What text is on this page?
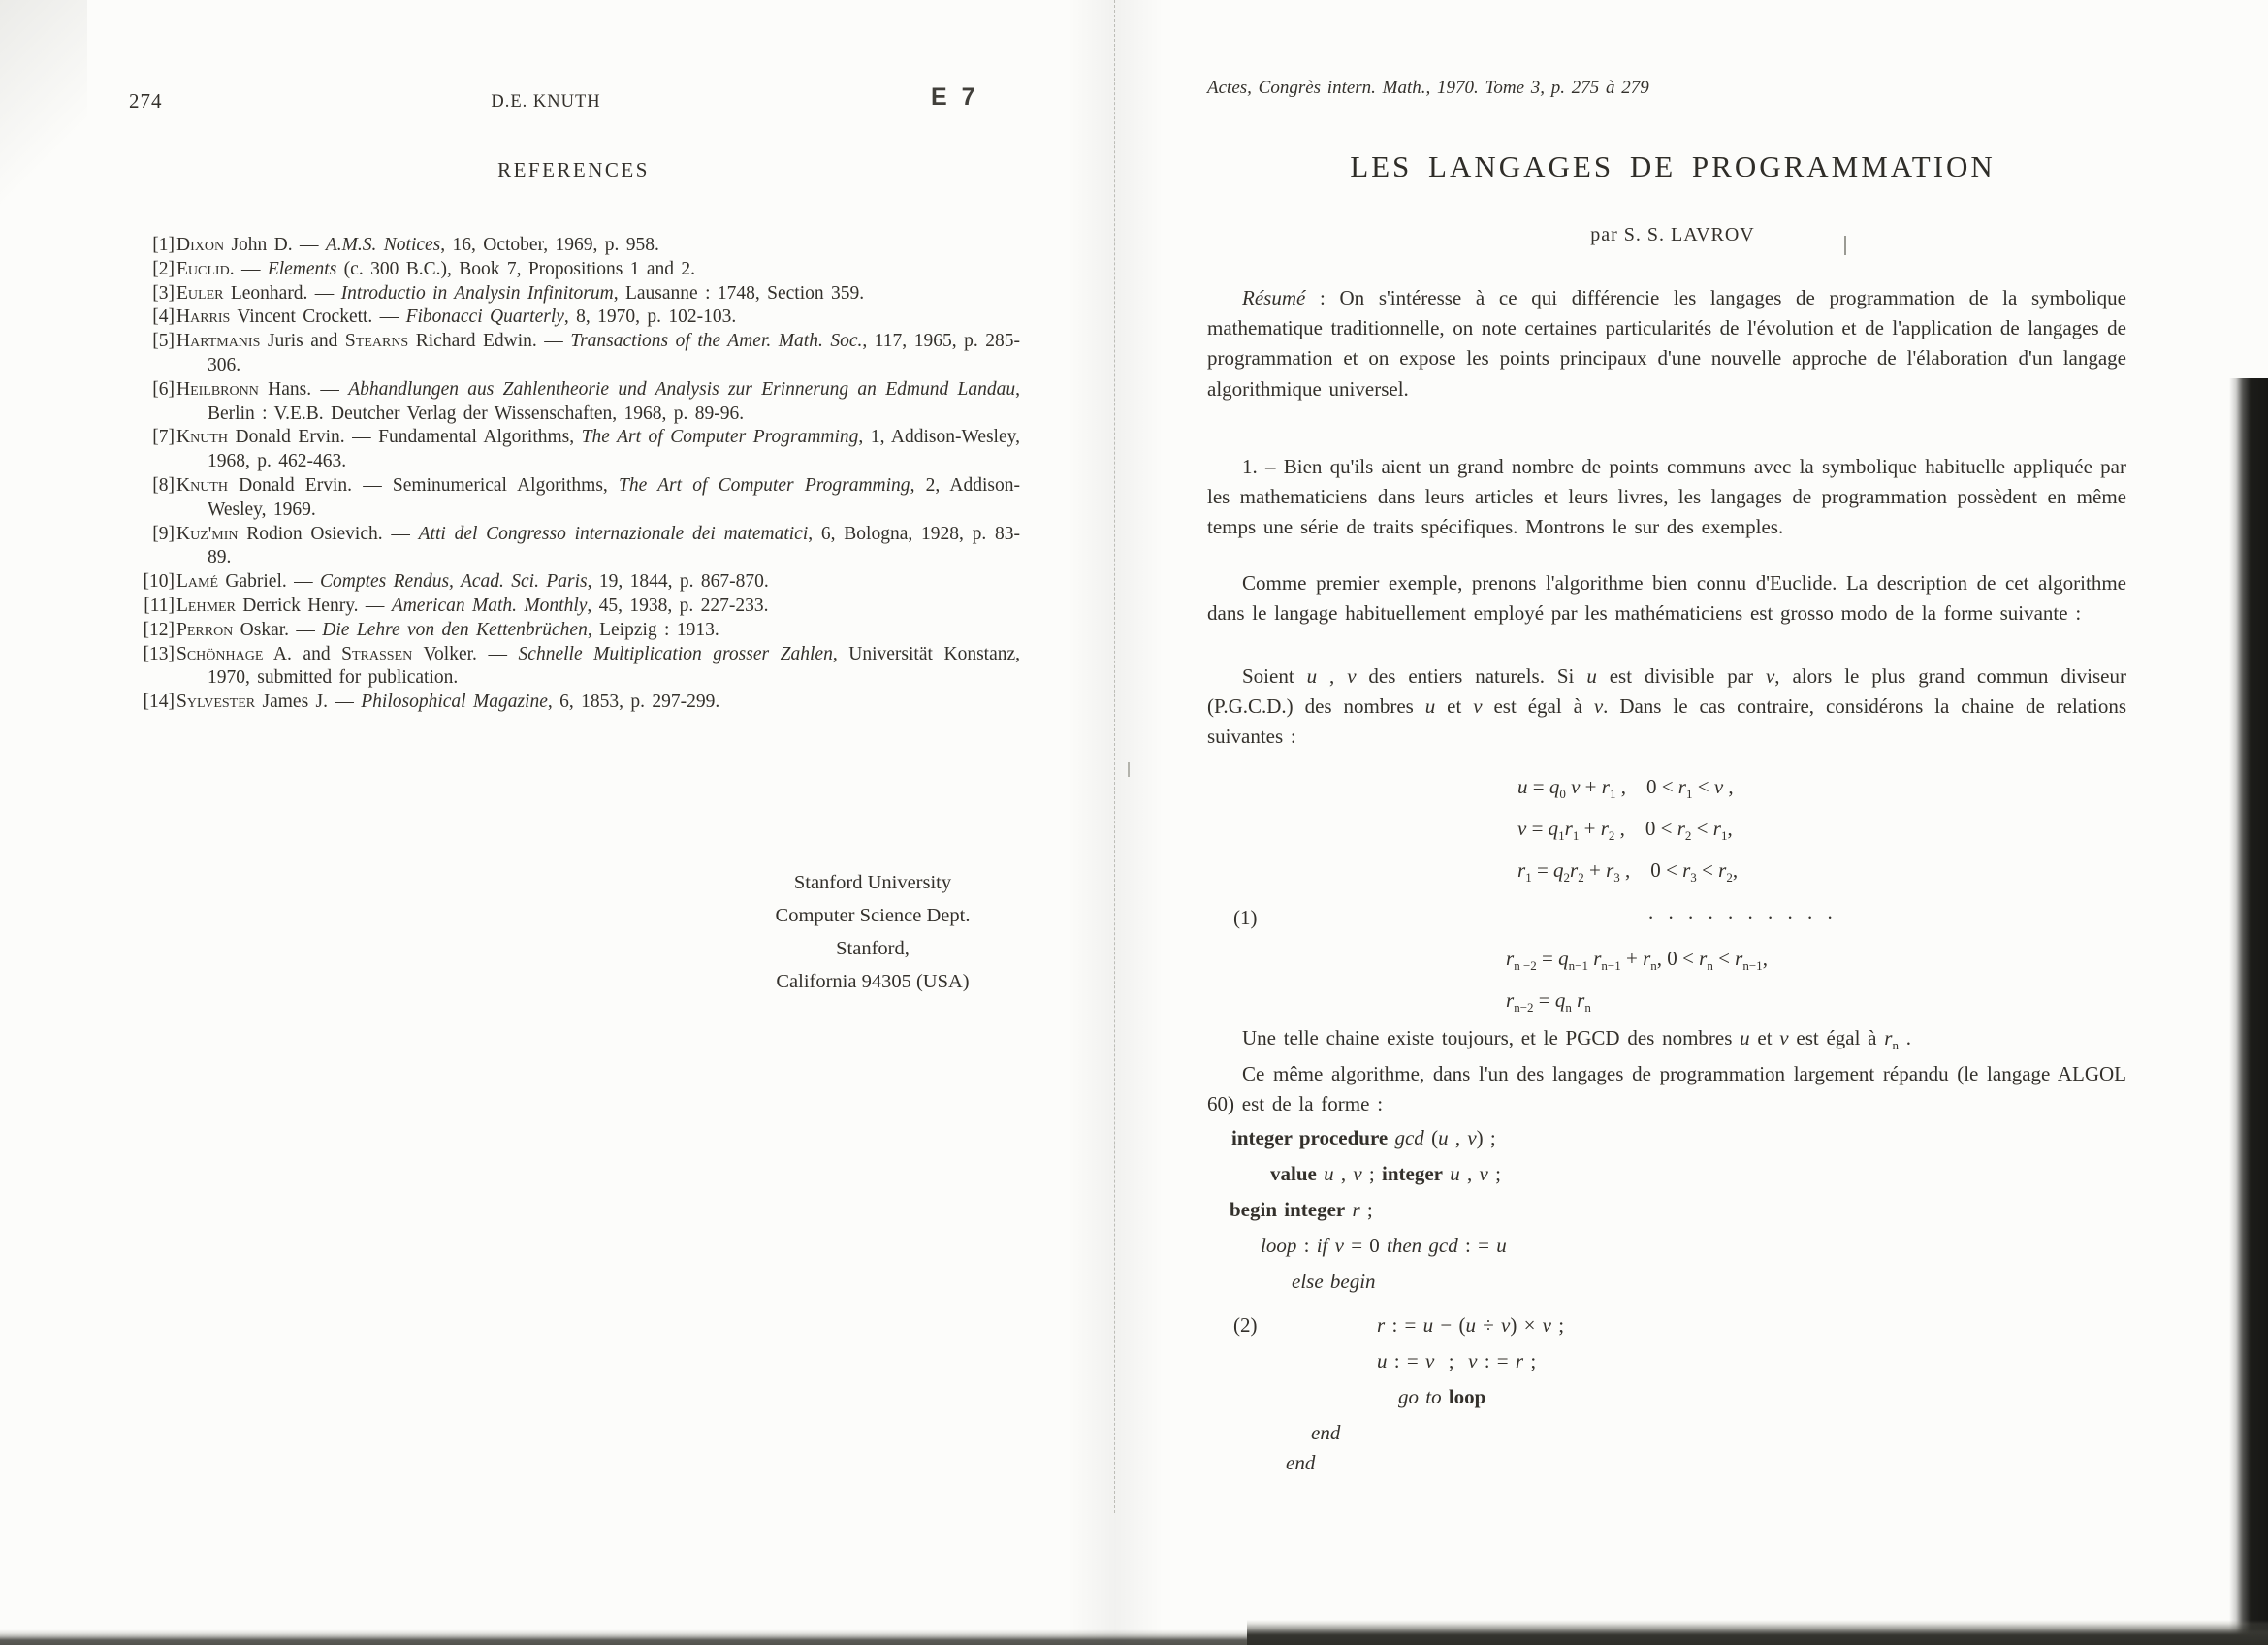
274	D.E. KNUTH	E 7
REFERENCES
[1] Dixon John D. — A.M.S. Notices, 16, October, 1969, p. 958.
[2] Euclid. — Elements (c. 300 B.C.), Book 7, Propositions 1 and 2.
[3] Euler Leonhard. — Introductio in Analysin Infinitorum, Lausanne : 1748, Section 359.
[4] Harris Vincent Crockett. — Fibonacci Quarterly, 8, 1970, p. 102-103.
[5] Hartmanis Juris and Stearns Richard Edwin. — Transactions of the Amer. Math. Soc., 117, 1965, p. 285-306.
[6] Heilbronn Hans. — Abhandlungen aus Zahlentheorie und Analysis zur Erinnerung an Edmund Landau, Berlin : V.E.B. Deutcher Verlag der Wissenschaften, 1968, p. 89-96.
[7] Knuth Donald Ervin. — Fundamental Algorithms, The Art of Computer Programming, 1, Addison-Wesley, 1968, p. 462-463.
[8] Knuth Donald Ervin. — Seminumerical Algorithms, The Art of Computer Programming, 2, Addison-Wesley, 1969.
[9] Kuz'min Rodion Osievich. — Atti del Congresso internazionale dei matematici, 6, Bologna, 1928, p. 83-89.
[10] Lamé Gabriel. — Comptes Rendus, Acad. Sci. Paris, 19, 1844, p. 867-870.
[11] Lehmer Derrick Henry. — American Math. Monthly, 45, 1938, p. 227-233.
[12] Perron Oskar. — Die Lehre von den Kettenbrüchen, Leipzig : 1913.
[13] Schönhage A. and Strassen Volker. — Schnelle Multiplication grosser Zahlen, Universität Konstanz, 1970, submitted for publication.
[14] Sylvester James J. — Philosophical Magazine, 6, 1853, p. 297-299.
Stanford University
Computer Science Dept.
Stanford,
California 94305 (USA)
Actes, Congrès intern. Math., 1970. Tome 3, p. 275 à 279
LES LANGAGES DE PROGRAMMATION
par S. S. LAVROV

Résumé : On s'intéresse à ce qui différencie les langages de programmation de la symbolique mathematique traditionnelle, on note certaines particularités de l'évolution et de l'application de langages de programmation et on expose les points principaux d'une nouvelle approche de l'élaboration d'un langage algorithmique universel.

1. – Bien qu'ils aient un grand nombre de points communs avec la symbolique habituelle appliquée par les mathematiciens dans leurs articles et leurs livres, les langages de programmation possèdent en même temps une série de traits spécifiques. Montrons le sur des exemples.

Comme premier exemple, prenons l'algorithme bien connu d'Euclide. La description de cet algorithme dans le langage habituellement employé par les mathématiciens est grosso modo de la forme suivante :

Soient u , v des entiers naturels. Si u est divisible par v, alors le plus grand commun diviseur (P.G.C.D.) des nombres u et v est égal à v. Dans le cas contraire, considérons la chaine de relations suivantes :

(1)
$u = q_0$ $v + r_1$ ,  $0 < r_1 < v$ ,
$v = q_1r_1 + r_2$ ,  $0 < r_2 < r_1$,
$r_1 = q_2r_2 + r_3$ ,  $0 < r_3 < r_2$,
. . . . . . . . . .
$r_{n -2} = q_{n-1}$ $r_{n-1} + r_n$, $0 < r_n < r_{n-1}$,
$r_{n-2} = q_n$ $r_n$

Une telle chaine existe toujours, et le PGCD des nombres u et v est égal à $r_n$ .

Ce même algorithme, dans l'un des langages de programmation largement répandu (le langage ALGOL 60) est de la forme :

(2)
integer procedure gcd (u , v) ;
value u , v ; integer u , v ;
begin integer r ;
loop : if v = 0 then gcd : = u
else begin
r : = u − (u ÷ v) × v ;
u : = v  ;  v : = r ;
go to loop
end
end
